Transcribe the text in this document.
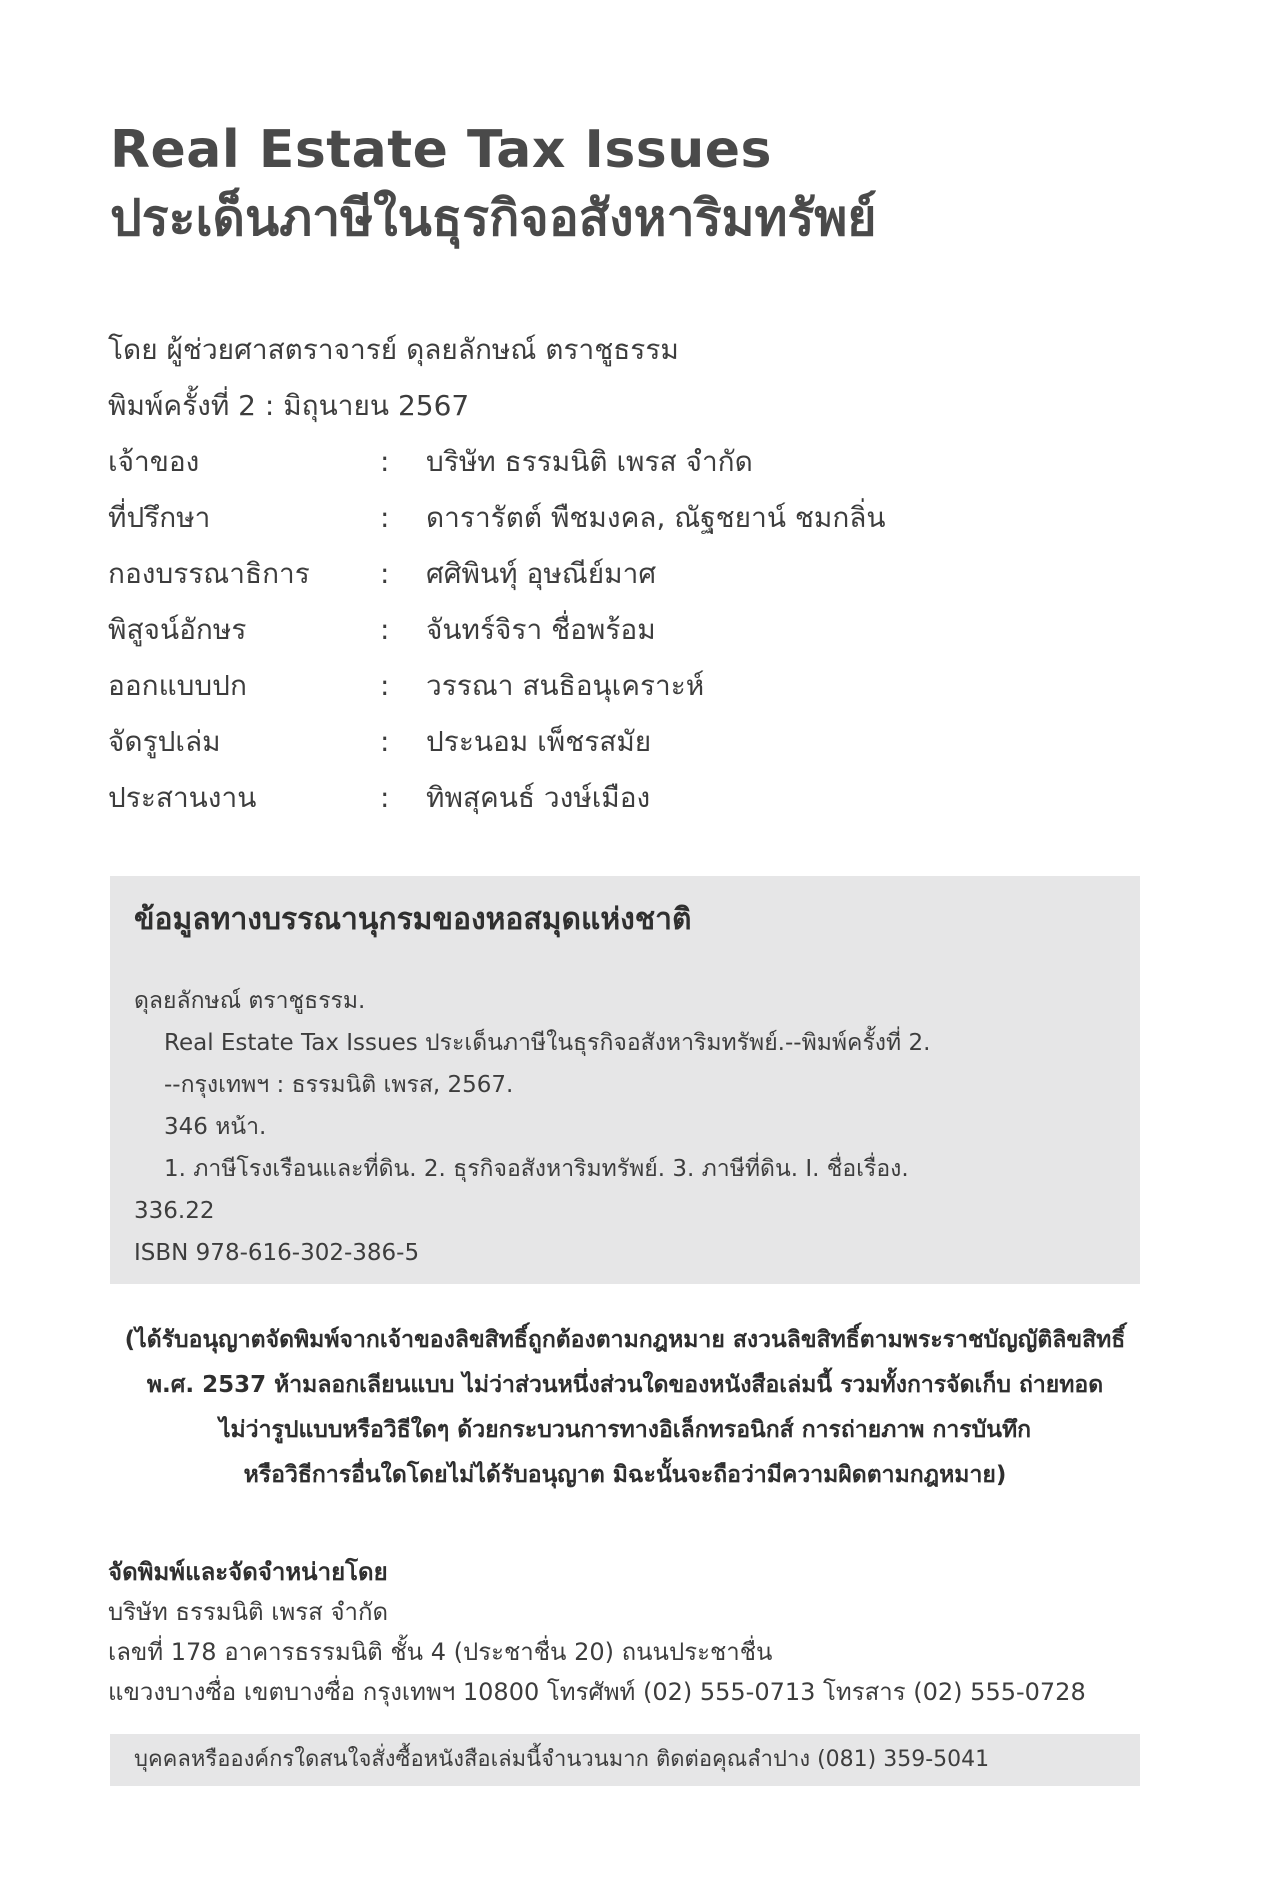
Real Estate Tax Issues
ประเด็นภาษีในธุรกิจอสังหาริมทรัพย์
โดย ผู้ช่วยศาสตราจารย์ ดุลยลักษณ์ ตราชูธรรม
พิมพ์ครั้งที่ 2 : มิถุนายน 2567
เจ้าของ	:	บริษัท ธรรมนิติ เพรส จำกัด
ที่ปรึกษา	:	ดารารัตต์ พืชมงคล, ณัฐชยาน์ ชมกลิ่น
กองบรรณาธิการ	:	ศศิพินทุ์ อุษณีย์มาศ
พิสูจน์อักษร	:	จันทร์จิรา ชื่อพร้อม
ออกแบบปก	:	วรรณา สนธิอนุเคราะห์
จัดรูปเล่ม	:	ประนอม เพ็ชรสมัย
ประสานงาน	:	ทิพสุคนธ์ วงษ์เมือง
ข้อมูลทางบรรณานุกรมของหอสมุดแห่งชาติ
ดุลยลักษณ์ ตราชูธรรม.
Real Estate Tax Issues ประเด็นภาษีในธุรกิจอสังหาริมทรัพย์.--พิมพ์ครั้งที่ 2.
--กรุงเทพฯ : ธรรมนิติ เพรส, 2567.
346 หน้า.
1. ภาษีโรงเรือนและที่ดิน. 2. ธุรกิจอสังหาริมทรัพย์. 3. ภาษีที่ดิน. I. ชื่อเรื่อง.
336.22
ISBN 978-616-302-386-5
(ได้รับอนุญาตจัดพิมพ์จากเจ้าของลิขสิทธิ์ถูกต้องตามกฎหมาย สงวนลิขสิทธิ์ตามพระราชบัญญัติลิขสิทธิ์
พ.ศ. 2537 ห้ามลอกเลียนแบบ ไม่ว่าส่วนหนึ่งส่วนใดของหนังสือเล่มนี้ รวมทั้งการจัดเก็บ ถ่ายทอด
ไม่ว่ารูปแบบหรือวิธีใดๆ ด้วยกระบวนการทางอิเล็กทรอนิกส์ การถ่ายภาพ การบันทึก
หรือวิธีการอื่นใดโดยไม่ได้รับอนุญาต มิฉะนั้นจะถือว่ามีความผิดตามกฎหมาย)
จัดพิมพ์และจัดจำหน่ายโดย
บริษัท ธรรมนิติ เพรส จำกัด
เลขที่ 178 อาคารธรรมนิติ ชั้น 4 (ประชาชื่น 20) ถนนประชาชื่น
แขวงบางซื่อ เขตบางซื่อ กรุงเทพฯ 10800 โทรศัพท์ (02) 555-0713 โทรสาร (02) 555-0728
บุคคลหรือองค์กรใดสนใจสั่งซื้อหนังสือเล่มนี้จำนวนมาก ติดต่อคุณลำปาง (081) 359-5041
